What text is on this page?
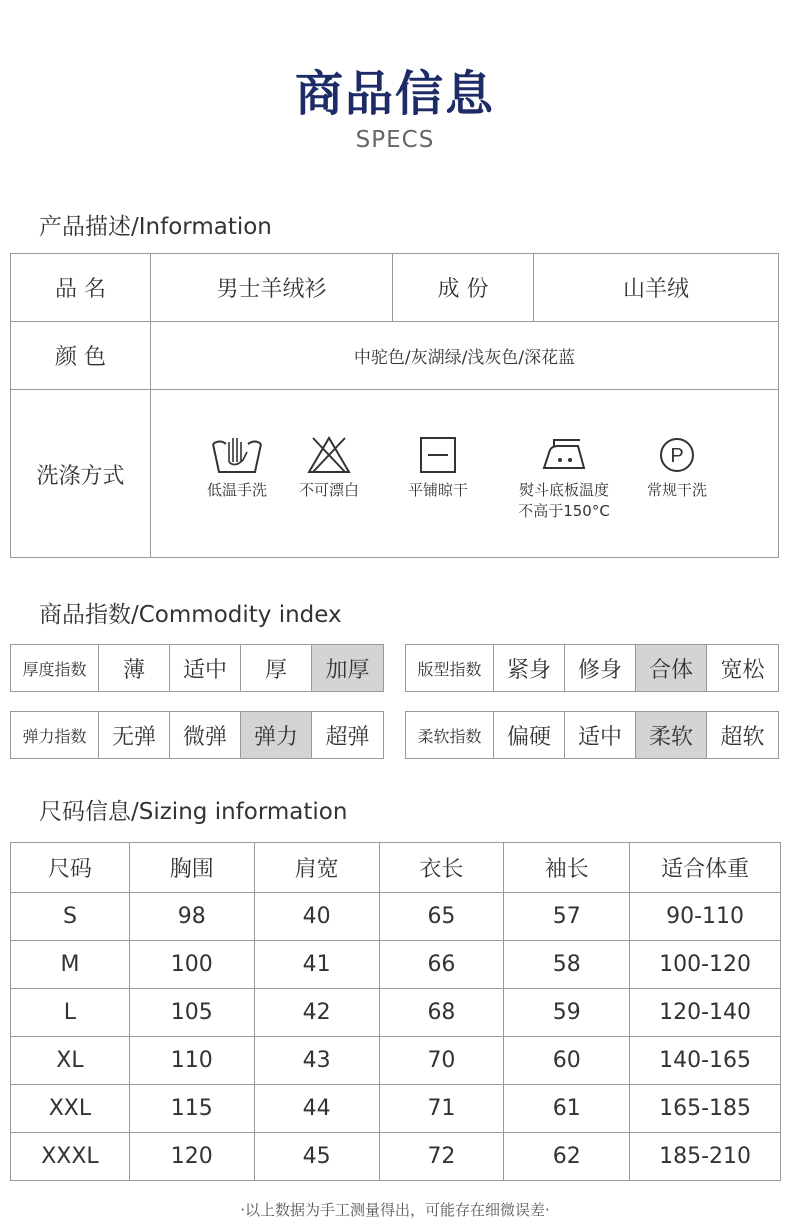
商品信息
SPECS
产品描述/Information
品 名	男士羊绒衫	成 份	山羊绒
颜 色	中驼色/灰湖绿/浅灰色/深花蓝
洗涤方式
低温手洗	不可漂白	平铺晾干	熨斗底板温度
不高于150°C
P
常规干洗
商品指数/Commodity index
厚度指数	薄	适中	厚	加厚	版型指数	紧身	修身	合体	宽松
弹力指数	无弹	微弹	弹力	超弹	柔软指数	偏硬	适中	柔软	超软
尺码信息/Sizing information
尺码	胸围	肩宽	衣长	袖长	适合体重
S	98	40	65	57	90-110
M	100	41	66	58	100-120
L	105	42	68	59	120-140
XL	110	43	70	60	140-165
XXL	115	44	71	61	165-185
XXXL	120	45	72	62	185-210
·以上数据为手工测量得出，可能存在细微误差·
